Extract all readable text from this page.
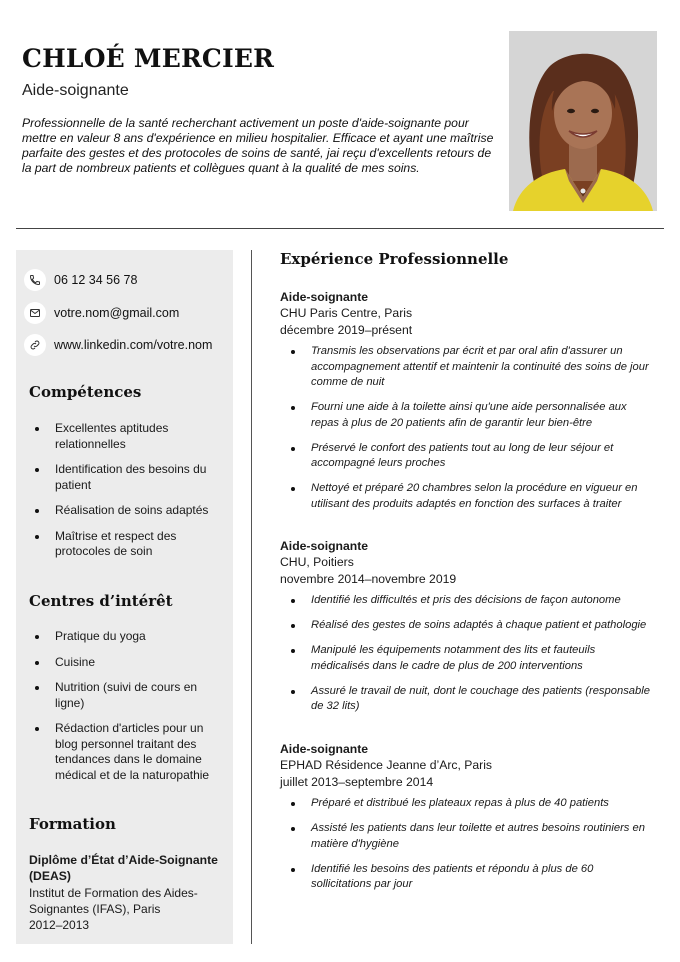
CHLOÉ MERCIER
Aide-soignante

Professionnelle de la santé recherchant activement un poste d'aide-soignante pour mettre en valeur 8 ans d'expérience en milieu hospitalier. Efficace et ayant une maîtrise parfaite des gestes et des protocoles de soins de santé, jai reçu d'excellents retours de la part de nombreux patients et collègues quant à la qualité de mes soins.

06 12 34 56 78
votre.nom@gmail.com
www.linkedin.com/votre.nom
Compétences
Excellentes aptitudes relationnelles
Identification des besoins du patient
Réalisation de soins adaptés
Maîtrise et respect des protocoles de soin
Centres d’intérêt
Pratique du yoga
Cuisine
Nutrition (suivi de cours en ligne)
Rédaction d'articles pour un blog personnel traitant des tendances dans le domaine médical et de la naturopathie
Formation
Diplôme d’État d’Aide-Soignante (DEAS)
Institut de Formation des Aides-Soignantes (IFAS), Paris
2012–2013
Expérience Professionnelle
Aide-soignante
CHU Paris Centre, Paris
décembre 2019–présent
Transmis les observations par écrit et par oral afin d'assurer un accompagnement attentif et maintenir la continuité des soins de jour comme de nuit
Fourni une aide à la toilette ainsi qu'une aide personnalisée aux repas à plus de 20 patients afin de garantir leur bien-être
Préservé le confort des patients tout au long de leur séjour et accompagné leurs proches
Nettoyé et préparé 20 chambres selon la procédure en vigueur en utilisant des produits adaptés en fonction des surfaces à traiter
Aide-soignante
CHU, Poitiers
novembre 2014–novembre 2019
Identifié les difficultés et pris des décisions de façon autonome
Réalisé des gestes de soins adaptés à chaque patient et pathologie
Manipulé les équipements notamment des lits et fauteuils médicalisés dans le cadre de plus de 200 interventions
Assuré le travail de nuit, dont le couchage des patients (responsable de 32 lits)
Aide-soignante
EPHAD Résidence Jeanne d’Arc, Paris
juillet 2013–septembre 2014
Préparé et distribué les plateaux repas à plus de 40 patients
Assisté les patients dans leur toilette et autres besoins routiniers en matière d'hygiène
Identifié les besoins des patients et répondu à plus de 60 sollicitations par jour
